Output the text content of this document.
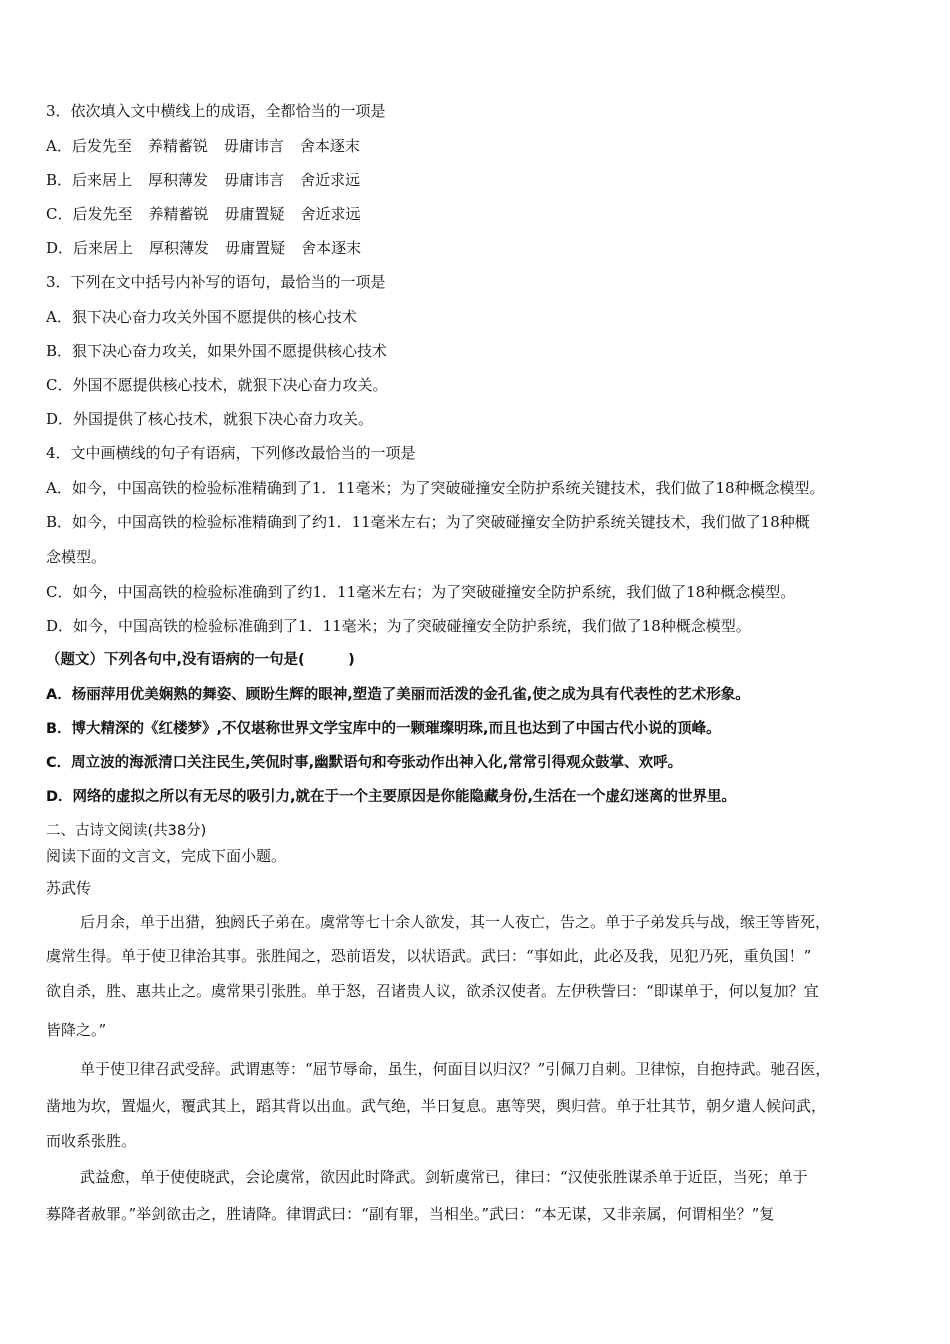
3．依次填入文中横线上的成语，全都恰当的一项是
A．后发先至 养精蓄锐 毋庸讳言 舍本逐末
B．后来居上 厚积薄发 毋庸讳言 舍近求远
C．后发先至 养精蓄锐 毋庸置疑 舍近求远
D．后来居上 厚积薄发 毋庸置疑 舍本逐末
3．下列在文中括号内补写的语句，最恰当的一项是
A．狠下决心奋力攻关外国不愿提供的核心技术
B．狠下决心奋力攻关，如果外国不愿提供核心技术
C．外国不愿提供核心技术，就狠下决心奋力攻关。
D．外国提供了核心技术，就狠下决心奋力攻关。
4．文中画横线的句子有语病，下列修改最恰当的一项是
A．如今，中国高铁的检验标准精确到了1．11毫米；为了突破碰撞安全防护系统关键技术，我们做了18种概念模型。
B．如今，中国高铁的检验标准精确到了约1．11毫米左右；为了突破碰撞安全防护系统关键技术，我们做了18种概
念模型。
C．如今，中国高铁的检验标准确到了约1．11毫米左右；为了突破碰撞安全防护系统，我们做了18种概念模型。
D．如今，中国高铁的检验标准确到了1．11毫米；为了突破碰撞安全防护系统，我们做了18种概念模型。
（题文）下列各句中,没有语病的一句是(　　　)
A．杨丽萍用优美娴熟的舞姿、顾盼生辉的眼神,塑造了美丽而活泼的金孔雀,使之成为具有代表性的艺术形象。
B．博大精深的《红楼梦》,不仅堪称世界文学宝库中的一颗璀璨明珠,而且也达到了中国古代小说的顶峰。
C．周立波的海派清口关注民生,笑侃时事,幽默语句和夸张动作出神入化,常常引得观众鼓掌、欢呼。
D．网络的虚拟之所以有无尽的吸引力,就在于一个主要原因是你能隐藏身份,生活在一个虚幻迷离的世界里。
二、古诗文阅读(共38分)
阅读下面的文言文，完成下面小题。
苏武传
后月余，单于出猎，独阏氏子弟在。虞常等七十余人欲发，其一人夜亡，告之。单于子弟发兵与战，缑王等皆死，
虞常生得。单于使卫律治其事。张胜闻之，恐前语发，以状语武。武曰：“事如此，此必及我，见犯乃死，重负国！”
欲自杀，胜、惠共止之。虞常果引张胜。单于怒，召诸贵人议，欲杀汉使者。左伊秩訾曰：“即谋单于，何以复加？宜
皆降之。”
单于使卫律召武受辞。武谓惠等：“屈节辱命，虽生，何面目以归汉？”引佩刀自刺。卫律惊，自抱持武。驰召医，
凿地为坎，置煴火，覆武其上，蹈其背以出血。武气绝，半日复息。惠等哭，舆归营。单于壮其节，朝夕遣人候问武，
而收系张胜。
武益愈，单于使使晓武，会论虞常，欲因此时降武。剑斩虞常已，律曰：“汉使张胜谋杀单于近臣，当死；单于
募降者赦罪。”举剑欲击之，胜请降。律谓武曰：“副有罪，当相坐。”武曰：“本无谋，又非亲属，何谓相坐？”复
